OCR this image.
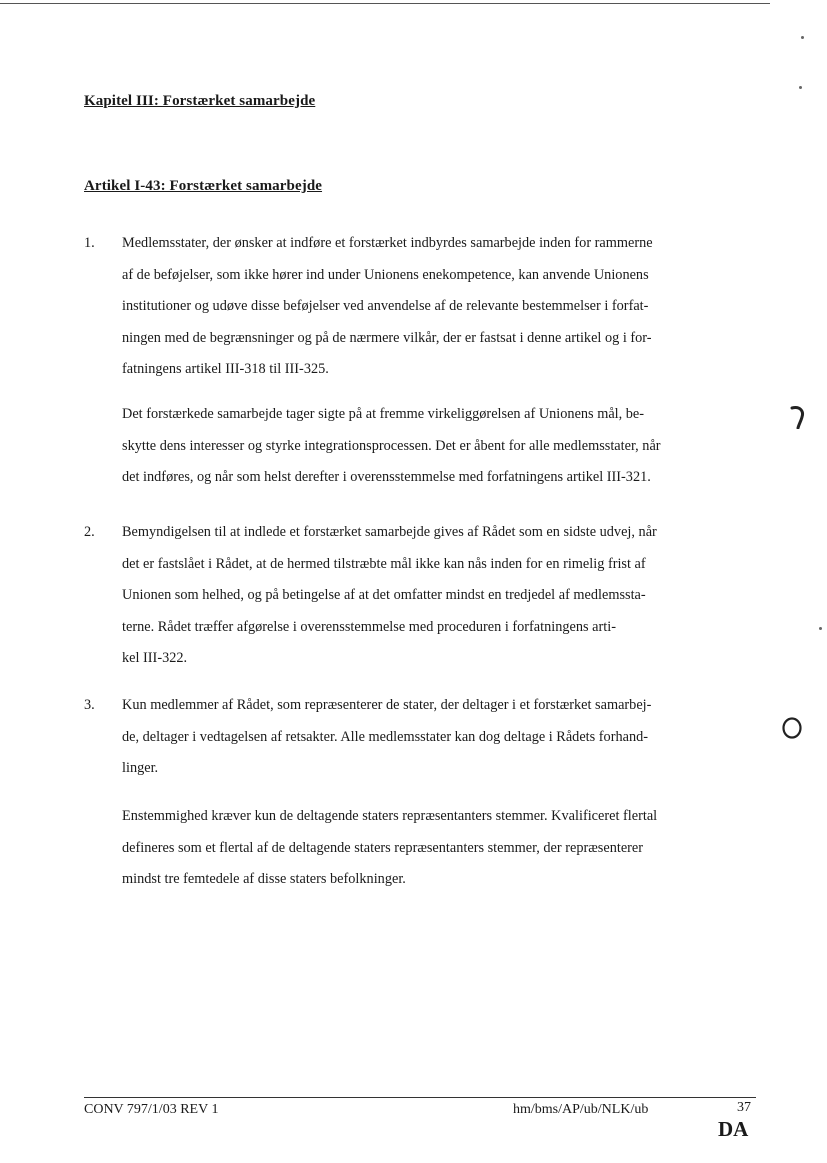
Kapitel III: Forstærket samarbejde
Artikel I-43: Forstærket samarbejde
1. Medlemsstater, der ønsker at indføre et forstærket indbyrdes samarbejde inden for rammerne
af de beføjelser, som ikke hører ind under Unionens enekompetence, kan anvende Unionens
institutioner og udøve disse beføjelser ved anvendelse af de relevante bestemmelser i forfat-
ningen med de begrænsninger og på de nærmere vilkår, der er fastsat i denne artikel og i for-
fatningens artikel III-318 til III-325.
Det forstærkede samarbejde tager sigte på at fremme virkeliggørelsen af Unionens mål, be-
skytte dens interesser og styrke integrationsprocessen. Det er åbent for alle medlemsstater, når
det indføres, og når som helst derefter i overensstemmelse med forfatningens artikel III-321.
2. Bemyndigelsen til at indlede et forstærket samarbejde gives af Rådet som en sidste udvej, når
det er fastslået i Rådet, at de hermed tilstræbte mål ikke kan nås inden for en rimelig frist af
Unionen som helhed, og på betingelse af at det omfatter mindst en tredjedel af medlemssta-
terne. Rådet træffer afgørelse i overensstemmelse med proceduren i forfatningens arti-
kel III-322.
3. Kun medlemmer af Rådet, som repræsenterer de stater, der deltager i et forstærket samarbej-
de, deltager i vedtagelsen af retsakter. Alle medlemsstater kan dog deltage i Rådets forhand-
linger.
Enstemmighed kræver kun de deltagende staters repræsentanters stemmer. Kvalificeret flertal
defineres som et flertal af de deltagende staters repræsentanters stemmer, der repræsenterer
mindst tre femtedele af disse staters befolkninger.
CONV 797/1/03 REV 1	hm/bms/AP/ub/NLK/ub	37
DA
